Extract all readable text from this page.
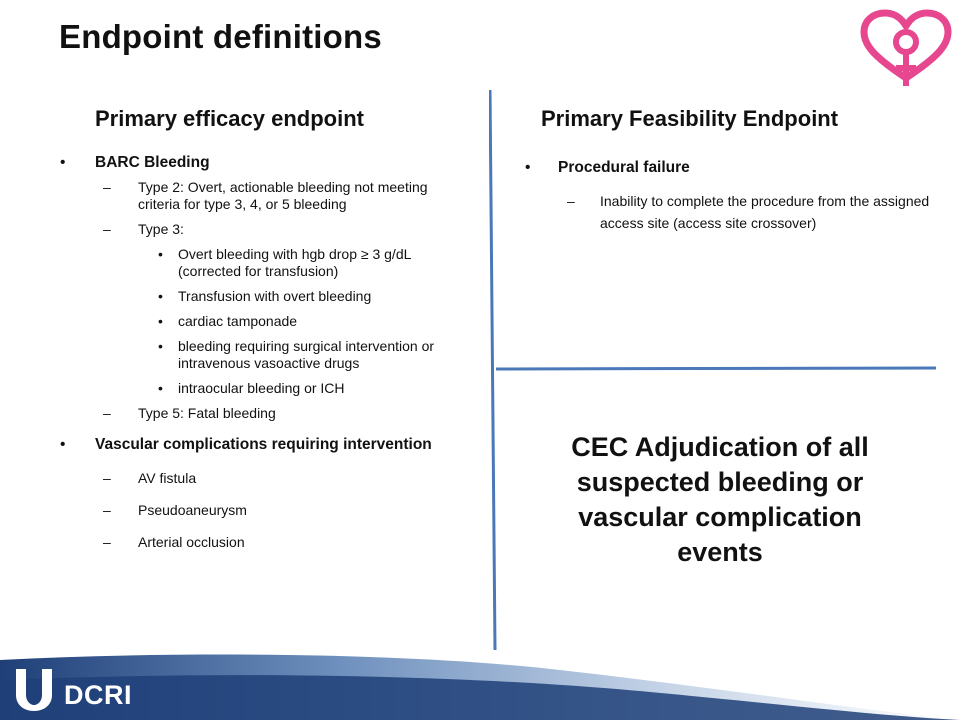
Endpoint definitions
Primary efficacy endpoint	Primary Feasibility Endpoint
• BARC Bleeding
– Type 2: Overt, actionable bleeding not meeting criteria for type 3, 4, or 5 bleeding
– Type 3:
• Overt bleeding with hgb drop ≥ 3 g/dL (corrected for transfusion)
• Transfusion with overt bleeding
• cardiac tamponade
• bleeding requiring surgical intervention or intravenous vasoactive drugs
• intraocular bleeding or ICH
– Type 5: Fatal bleeding
• Vascular complications requiring intervention
– AV fistula
– Pseudoaneurysm
– Arterial occlusion
• Procedural failure
– Inability to complete the procedure from the assigned access site (access site crossover)
CEC Adjudication of all suspected bleeding or vascular complication events
DCRI
